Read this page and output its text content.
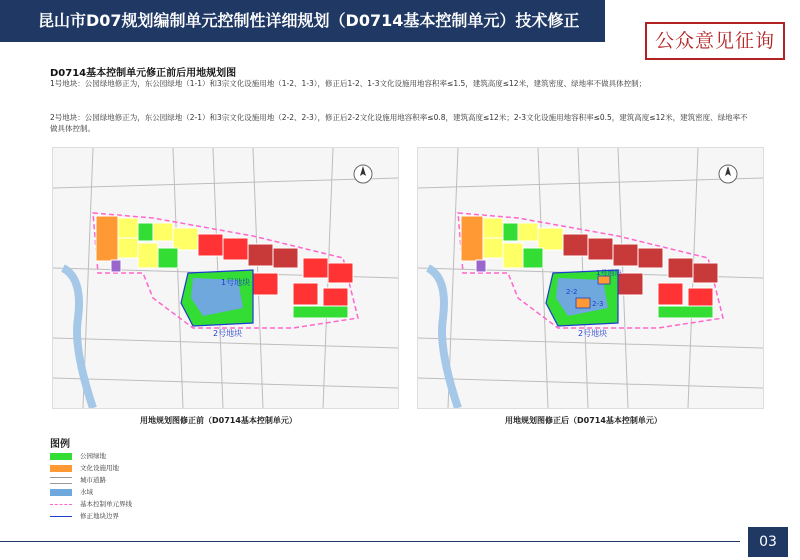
昆山市D07规划编制单元控制性详细规划（D0714基本控制单元）技术修正
公众意见征询
D0714基本控制单元修正前后用地规划图
1号地块：公园绿地修正为，东公园绿地（1-1）和3宗文化设施用地（1-2、1-3），修正后1-2、1-3文化设施用地容积率≤1.5，建筑高度≤12米，建筑密度、绿地率不做具体控制；
2号地块：公园绿地修正为，东公园绿地（2-1）和3宗文化设施用地（2-2、2-3），修正后2-2文化设施用地容积率≤0.8，建筑高度≤12米；2-3文化设施用地容积率≤0.5，建筑高度≤12米，建筑密度、绿地率不做具体控制。
1号地块
2号地块
1号地块
2号地块
2-2
2-3
用地规划图修正前（D0714基本控制单元）	用地规划图修正后（D0714基本控制单元）
图例
公园绿地
文化设施用地
城市道路
水域
基本控制单元界线
修正地块边界
03
